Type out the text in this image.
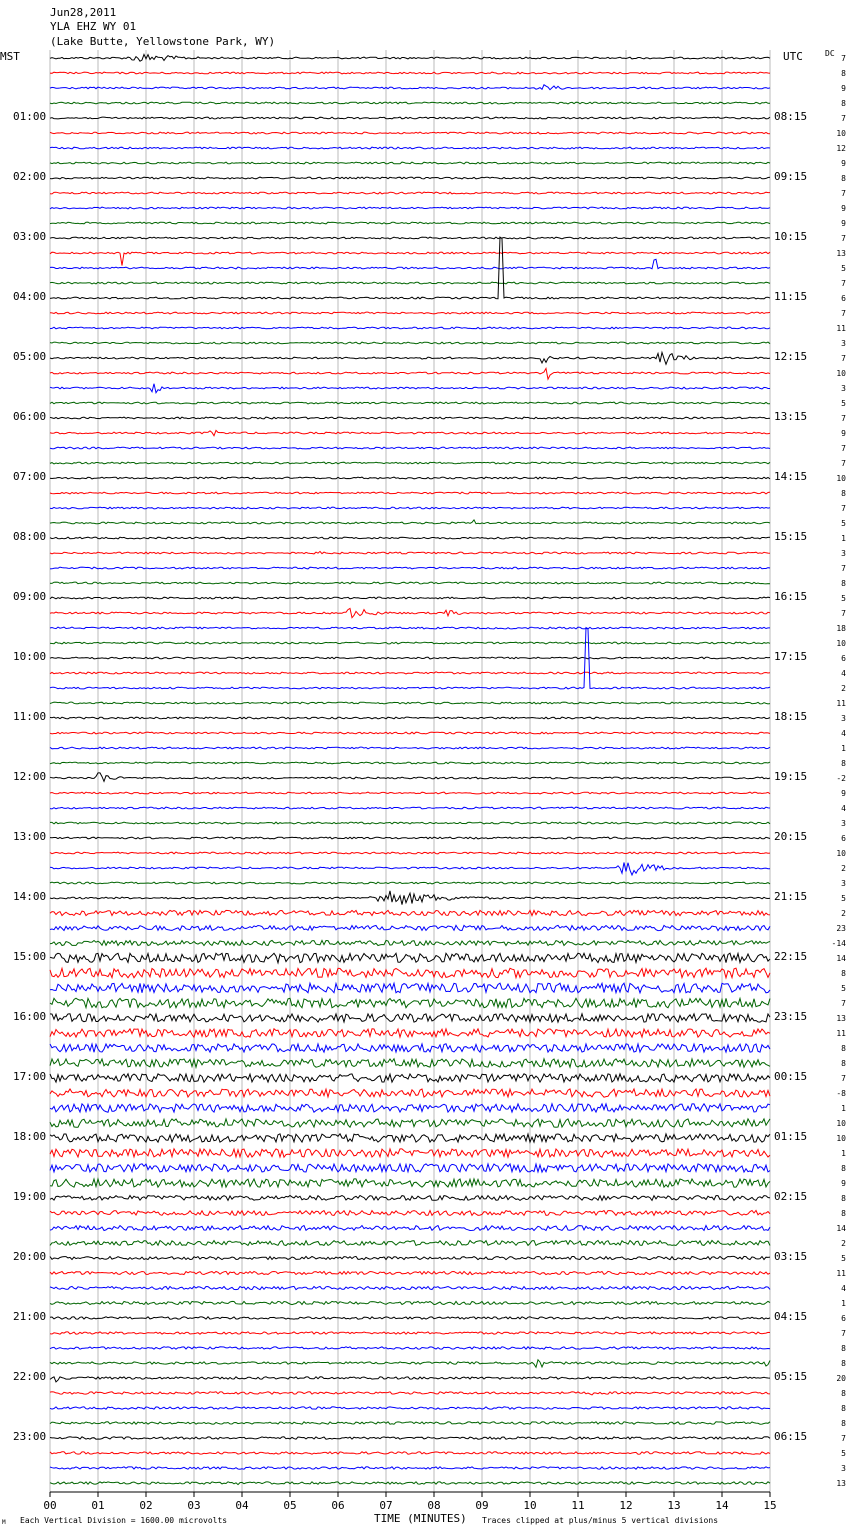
Jun28,2011
YLA EHZ WY 01
(Lake Butte, Yellowstone Park, WY)
MST	UTC	DC
01:00
02:00
03:00
04:00
05:00
06:00
07:00
08:00
09:00
10:00
11:00
12:00
13:00
14:00
15:00
16:00
17:00
18:00
19:00
20:00
21:00
22:00
23:00
08:15
09:15
10:15
11:15
12:15
13:15
14:15
15:15
16:15
17:15
18:15
19:15
20:15
21:15
22:15
23:15
00:15
01:15
02:15
03:15
04:15
05:15
06:15
7
8
9
8
7
10
12
9
8
7
9
9
7
13
5
7
6
7
11
3
7
10
3
5
7
9
7
7
10
8
7
5
1
3
7
8
5
7
18
10
6
4
2
11
3
4
1
8
-2
9
4
3
6
10
2
3
5
2
23
-14
14
8
5
7
13
11
8
8
7
-8
1
10
10
1
8
9
8
8
14
2
5
11
4
1
6
7
8
8
20
8
8
8
7
5
3
13
00	01	02	03	04	05	06	07	08	09	10	11	12	13	14	15
TIME (MINUTES)
Each Vertical Division = 1600.00 microvolts	Traces clipped at plus/minus 5 vertical divisions
M
